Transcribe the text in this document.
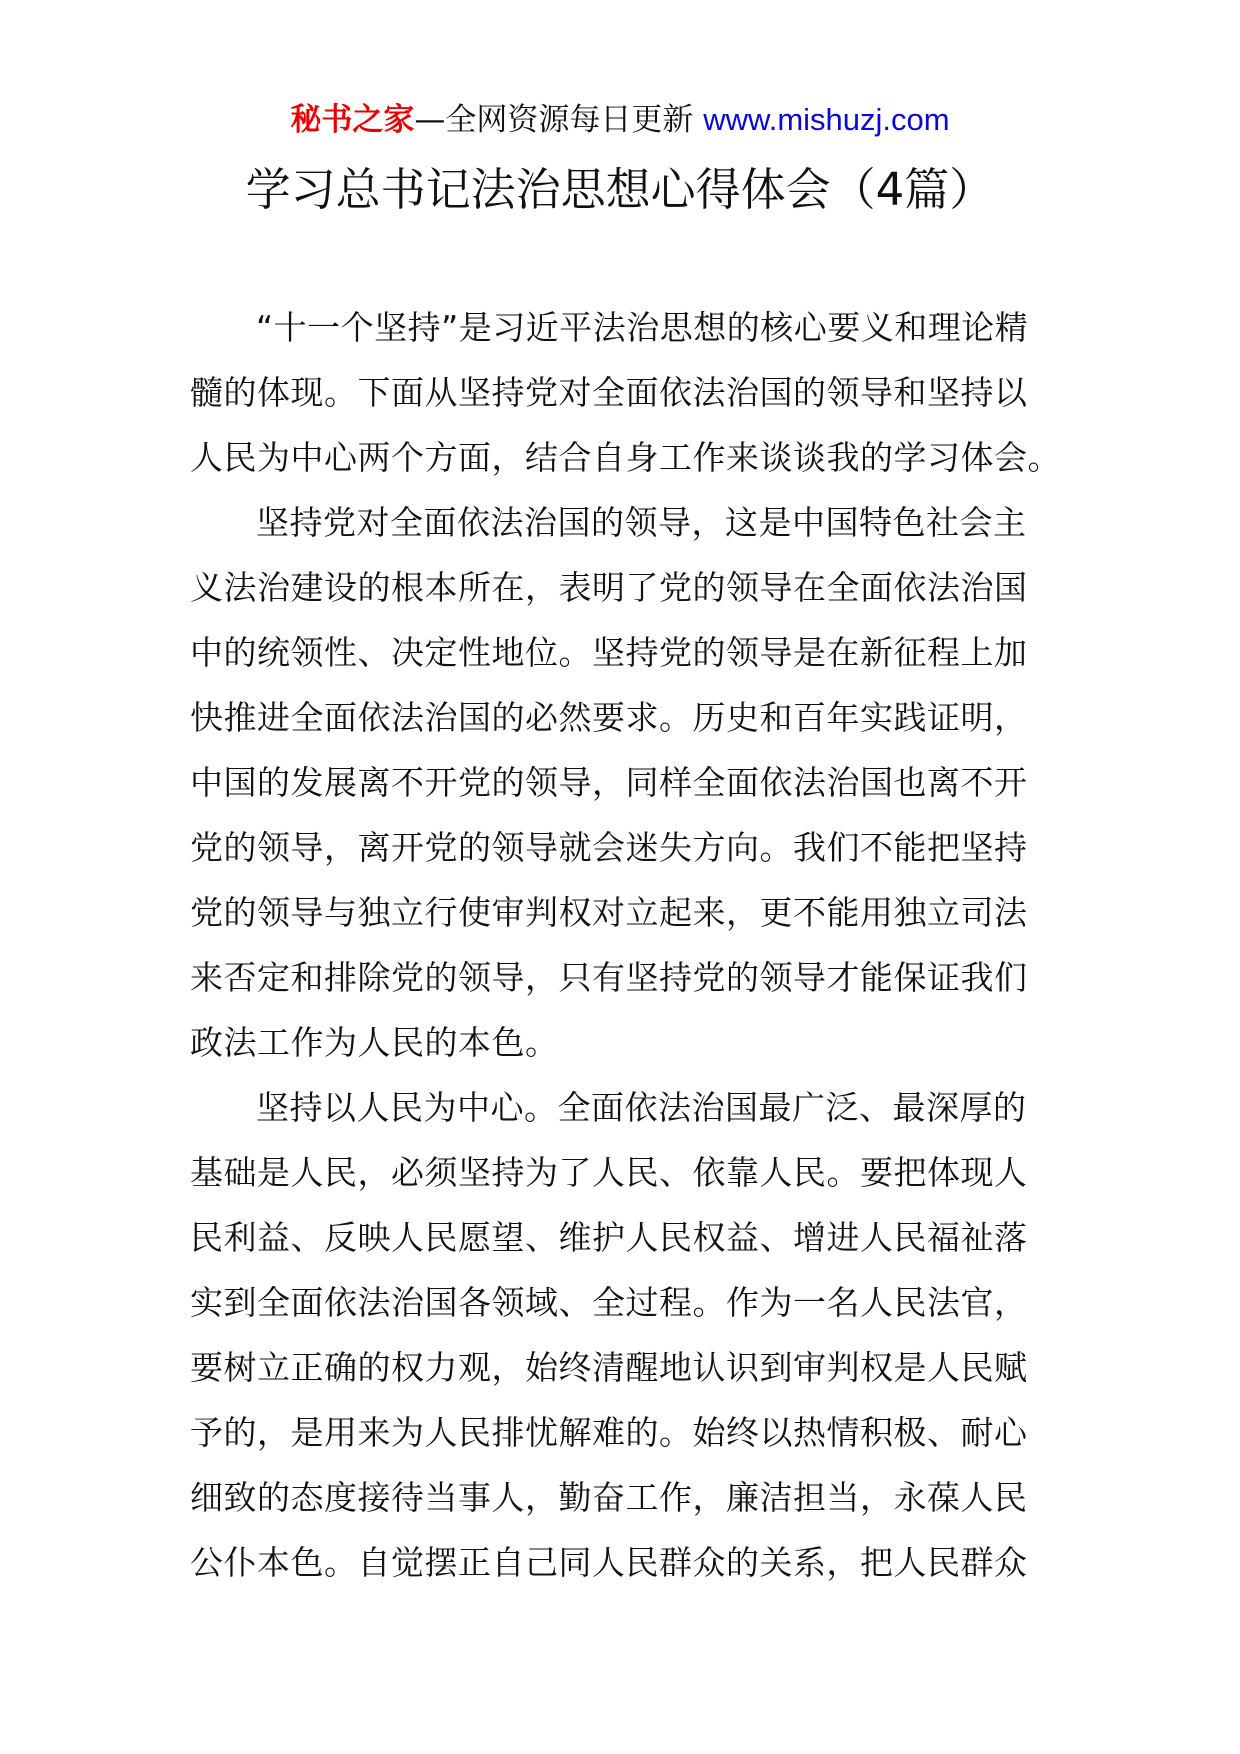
秘书之家—全网资源每日更新 www.mishuzj.com
学习总书记法治思想心得体会（4篇）
“十一个坚持”是习近平法治思想的核心要义和理论精
髓的体现。下面从坚持党对全面依法治国的领导和坚持以
人民为中心两个方面，结合自身工作来谈谈我的学习体会。
坚持党对全面依法治国的领导，这是中国特色社会主
义法治建设的根本所在，表明了党的领导在全面依法治国
中的统领性、决定性地位。坚持党的领导是在新征程上加
快推进全面依法治国的必然要求。历史和百年实践证明，
中国的发展离不开党的领导，同样全面依法治国也离不开
党的领导，离开党的领导就会迷失方向。我们不能把坚持
党的领导与独立行使审判权对立起来，更不能用独立司法
来否定和排除党的领导，只有坚持党的领导才能保证我们
政法工作为人民的本色。
坚持以人民为中心。全面依法治国最广泛、最深厚的
基础是人民，必须坚持为了人民、依靠人民。要把体现人
民利益、反映人民愿望、维护人民权益、增进人民福祉落
实到全面依法治国各领域、全过程。作为一名人民法官，
要树立正确的权力观，始终清醒地认识到审判权是人民赋
予的，是用来为人民排忧解难的。始终以热情积极、耐心
细致的态度接待当事人，勤奋工作，廉洁担当，永葆人民
公仆本色。自觉摆正自己同人民群众的关系，把人民群众
